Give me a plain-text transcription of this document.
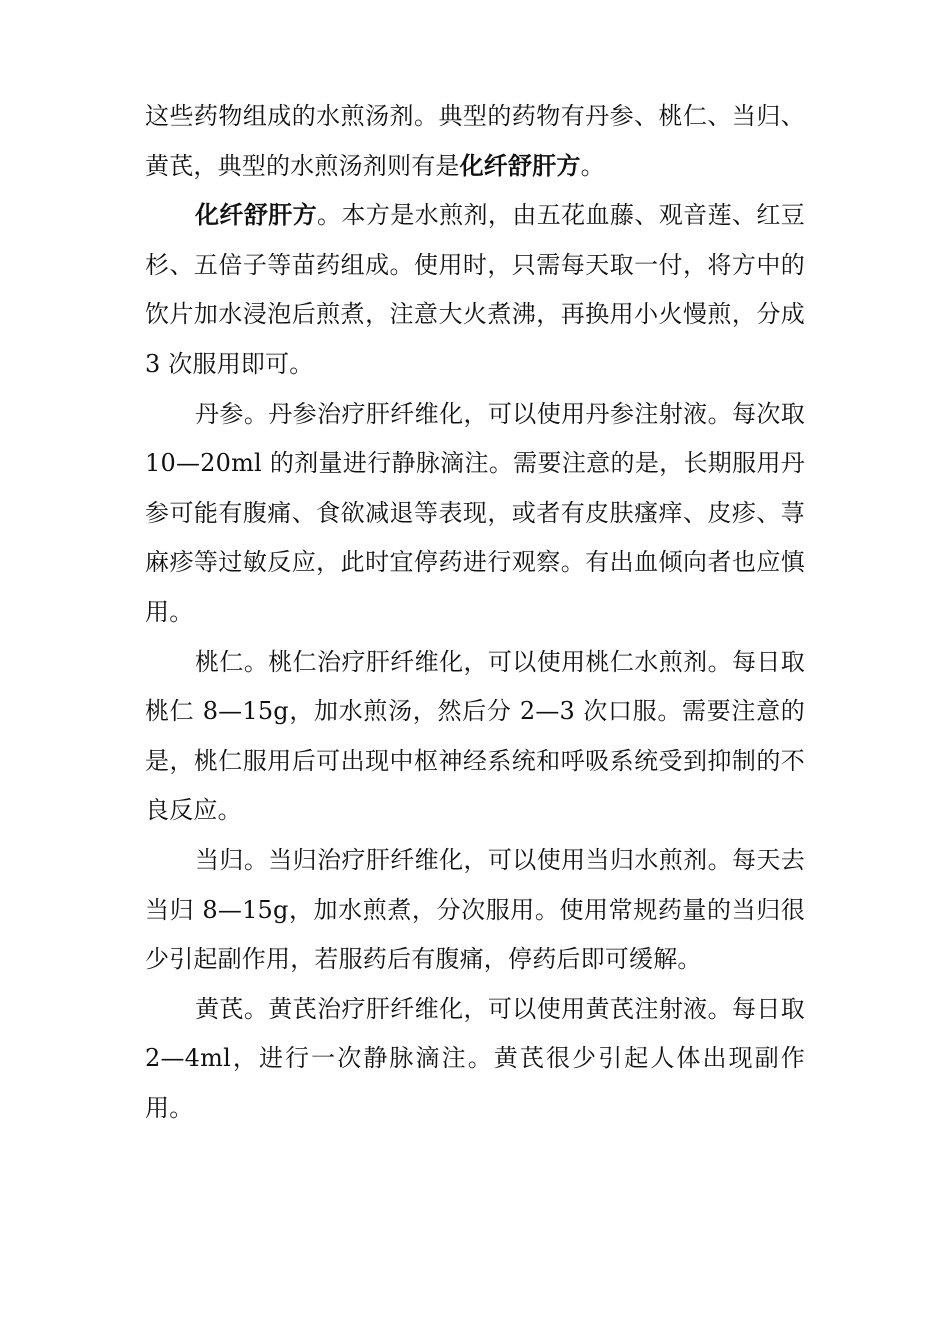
这些药物组成的水煎汤剂。典型的药物有丹参、桃仁、当归、黄芪，典型的水煎汤剂则有是化纤舒肝方。

化纤舒肝方。本方是水煎剂，由五花血藤、观音莲、红豆杉、五倍子等苗药组成。使用时，只需每天取一付，将方中的饮片加水浸泡后煎煮，注意大火煮沸，再换用小火慢煎，分成 3 次服用即可。

丹参。丹参治疗肝纤维化，可以使用丹参注射液。每次取 10—20ml 的剂量进行静脉滴注。需要注意的是，长期服用丹参可能有腹痛、食欲减退等表现，或者有皮肤瘙痒、皮疹、荨麻疹等过敏反应，此时宜停药进行观察。有出血倾向者也应慎用。

桃仁。桃仁治疗肝纤维化，可以使用桃仁水煎剂。每日取桃仁 8—15g，加水煎汤，然后分 2—3 次口服。需要注意的是，桃仁服用后可出现中枢神经系统和呼吸系统受到抑制的不良反应。

当归。当归治疗肝纤维化，可以使用当归水煎剂。每天去当归 8—15g，加水煎煮，分次服用。使用常规药量的当归很少引起副作用，若服药后有腹痛，停药后即可缓解。

黄芪。黄芪治疗肝纤维化，可以使用黄芪注射液。每日取 2—4ml，进行一次静脉滴注。黄芪很少引起人体出现副作用。
